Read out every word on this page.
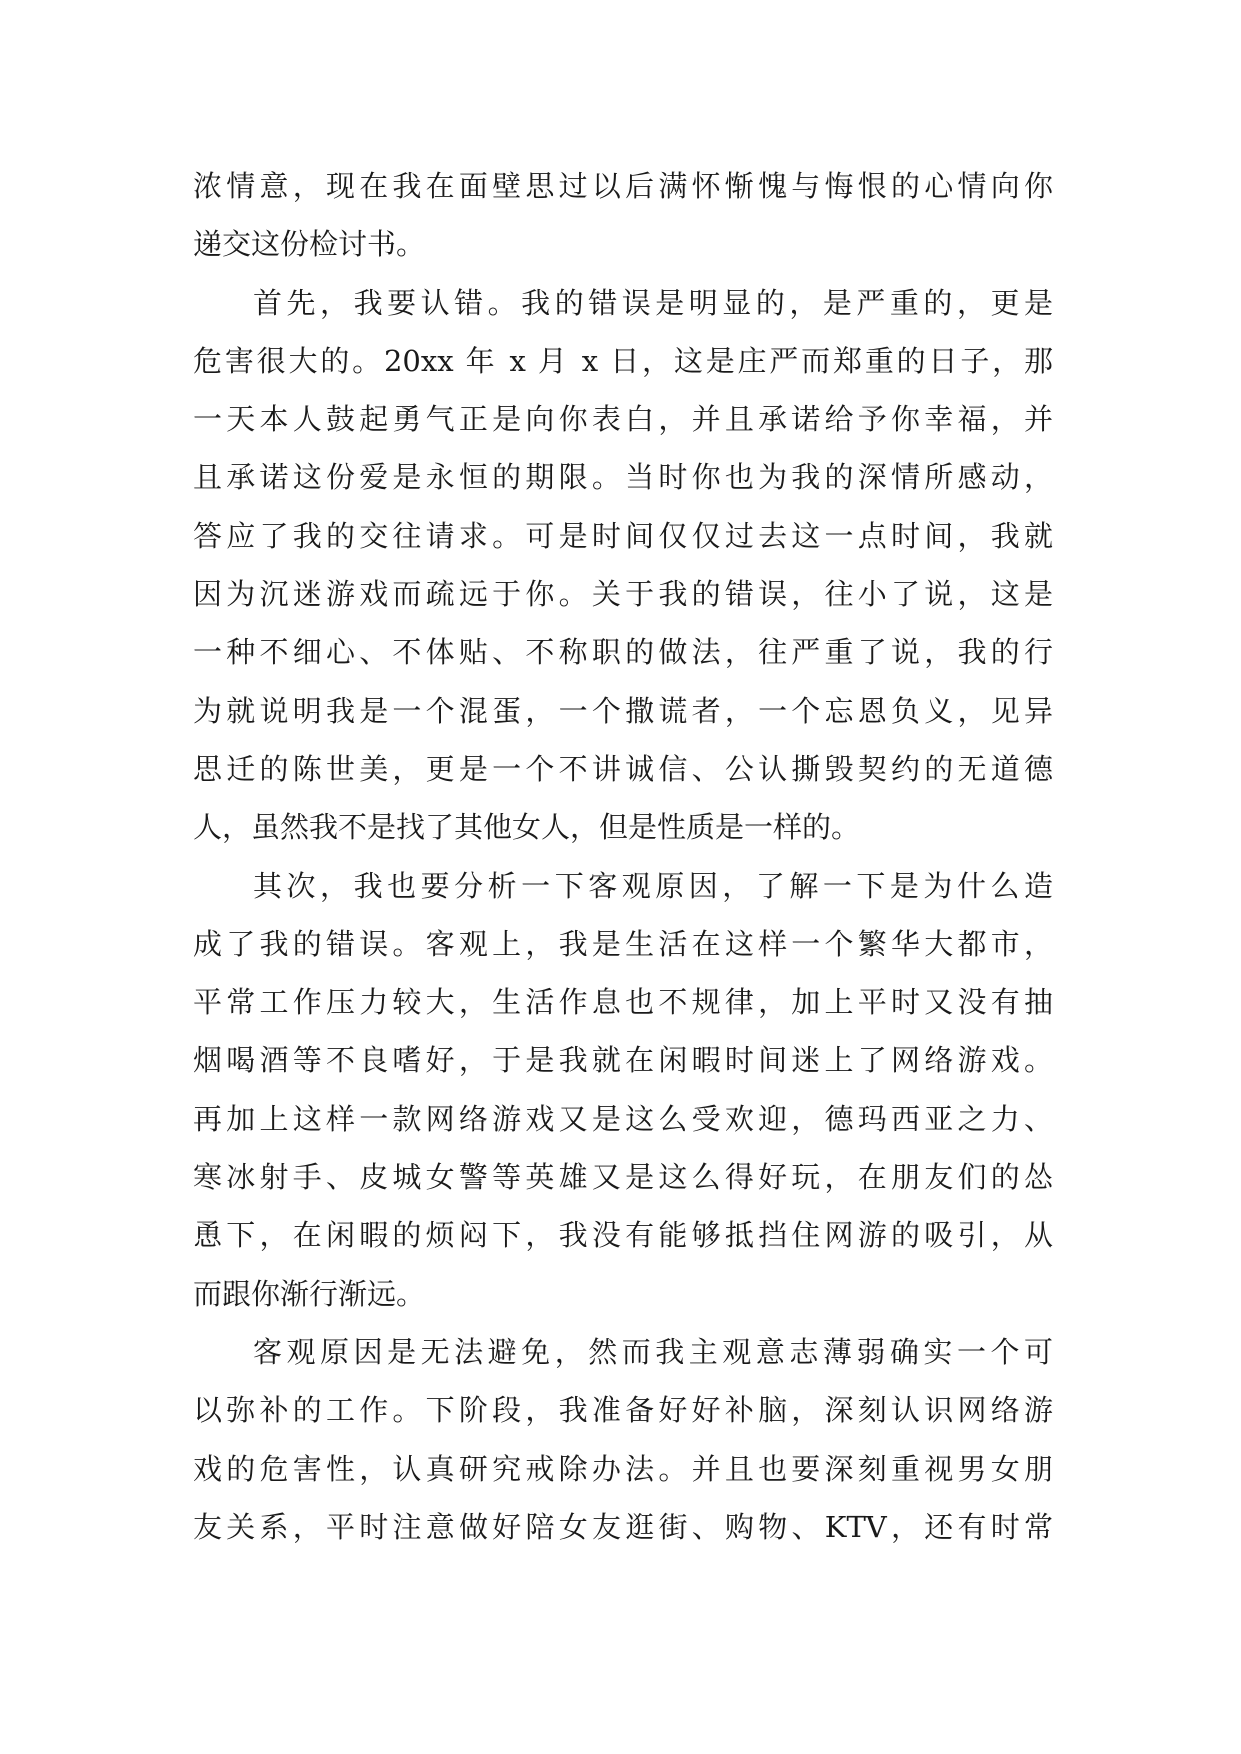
浓情意，现在我在面壁思过以后满怀惭愧与悔恨的心情向你
递交这份检讨书。
首先，我要认错。我的错误是明显的，是严重的，更是
危害很大的。20xx 年 x 月 x 日，这是庄严而郑重的日子，那
一天本人鼓起勇气正是向你表白，并且承诺给予你幸福，并
且承诺这份爱是永恒的期限。当时你也为我的深情所感动，
答应了我的交往请求。可是时间仅仅过去这一点时间，我就
因为沉迷游戏而疏远于你。关于我的错误，往小了说，这是
一种不细心、不体贴、不称职的做法，往严重了说，我的行
为就说明我是一个混蛋，一个撒谎者，一个忘恩负义，见异
思迁的陈世美，更是一个不讲诚信、公认撕毁契约的无道德
人，虽然我不是找了其他女人，但是性质是一样的。
其次，我也要分析一下客观原因，了解一下是为什么造
成了我的错误。客观上，我是生活在这样一个繁华大都市，
平常工作压力较大，生活作息也不规律，加上平时又没有抽
烟喝酒等不良嗜好，于是我就在闲暇时间迷上了网络游戏。
再加上这样一款网络游戏又是这么受欢迎，德玛西亚之力、
寒冰射手、皮城女警等英雄又是这么得好玩，在朋友们的怂
恿下，在闲暇的烦闷下，我没有能够抵挡住网游的吸引，从
而跟你渐行渐远。
客观原因是无法避免，然而我主观意志薄弱确实一个可
以弥补的工作。下阶段，我准备好好补脑，深刻认识网络游
戏的危害性，认真研究戒除办法。并且也要深刻重视男女朋
友关系，平时注意做好陪女友逛街、购物、KTV，还有时常
